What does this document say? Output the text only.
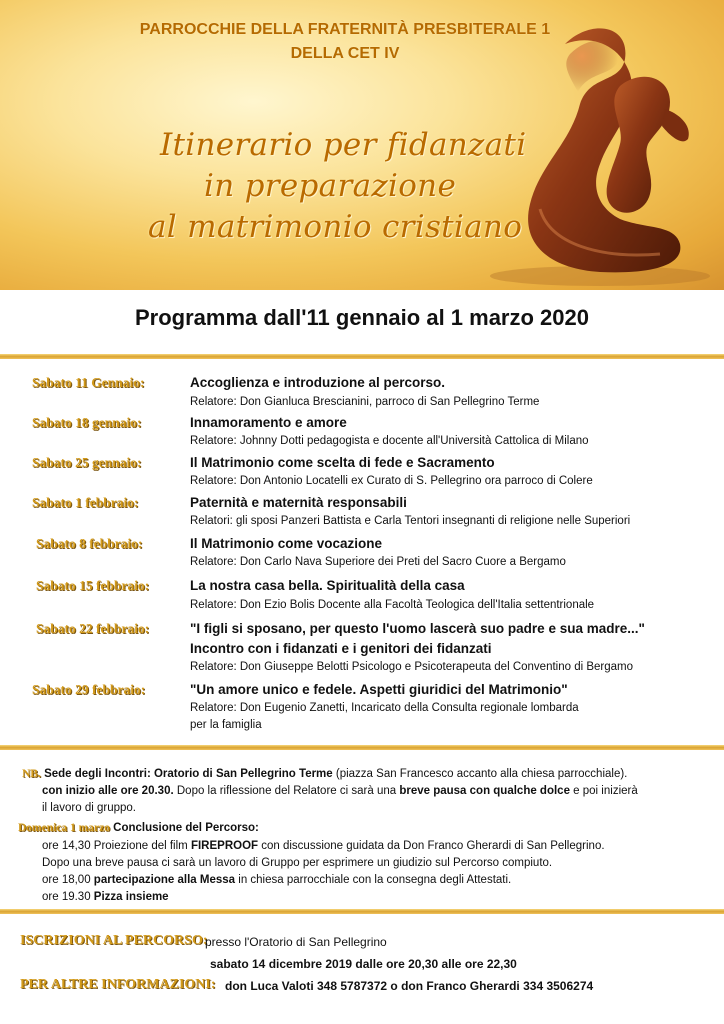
PARROCCHIE DELLA FRATERNITÀ PRESBITERALE 1
DELLA CET IV
Itinerario per fidanzati
in preparazione
al matrimonio cristiano
Programma dall'11 gennaio al 1 marzo 2020
Sabato 11 Gennaio:	Accoglienza e introduzione al percorso.
Relatore: Don Gianluca Brescianini, parroco di San Pellegrino Terme
Sabato 18 gennaio:	Innamoramento e amore
Relatore: Johnny Dotti pedagogista e docente all'Università Cattolica di Milano
Sabato 25 gennaio:	Il Matrimonio come scelta di fede e Sacramento
Relatore: Don Antonio Locatelli ex Curato di S. Pellegrino ora parroco di Colere
Sabato 1 febbraio:	Paternità e maternità responsabili
Relatori: gli sposi Panzeri Battista e Carla Tentori insegnanti di religione nelle Superiori
Sabato 8 febbraio:	Il Matrimonio come vocazione
Relatore: Don Carlo Nava Superiore dei Preti del Sacro Cuore a Bergamo
Sabato 15 febbraio:	La nostra casa bella. Spiritualità della casa
Relatore: Don Ezio Bolis Docente alla Facoltà Teologica dell'Italia settentrionale
Sabato 22 febbraio:	"I figli si sposano, per questo l'uomo lascerà suo padre e sua madre..."
Incontro con i fidanzati e i genitori dei fidanzati
Relatore: Don Giuseppe Belotti Psicologo e Psicoterapeuta del Conventino di Bergamo
Sabato 29 febbraio:	"Un amore unico e fedele. Aspetti giuridici del Matrimonio"
Relatore: Don Eugenio Zanetti, Incaricato della Consulta regionale lombarda
per la famiglia
NB. Sede degli Incontri: Oratorio di San Pellegrino Terme (piazza San Francesco accanto alla chiesa parrocchiale).
con inizio alle ore 20.30. Dopo la riflessione del Relatore ci sarà una breve pausa con qualche dolce e poi inizierà
il lavoro di gruppo.
Domenica 1 marzo Conclusione del Percorso:
ore 14,30 Proiezione del film FIREPROOF con discussione guidata da Don Franco Gherardi di San Pellegrino.
Dopo una breve pausa ci sarà un lavoro di Gruppo per esprimere un giudizio sul Percorso compiuto.
ore 18,00 partecipazione alla Messa in chiesa parrocchiale con la consegna degli Attestati.
ore 19.30 Pizza insieme
ISCRIZIONI AL PERCORSO:
presso l'Oratorio di San Pellegrino
sabato 14 dicembre 2019 dalle ore 20,30 alle ore 22,30
PER ALTRE INFORMAZIONI: don Luca Valoti 348 5787372 o don Franco Gherardi 334 3506274
